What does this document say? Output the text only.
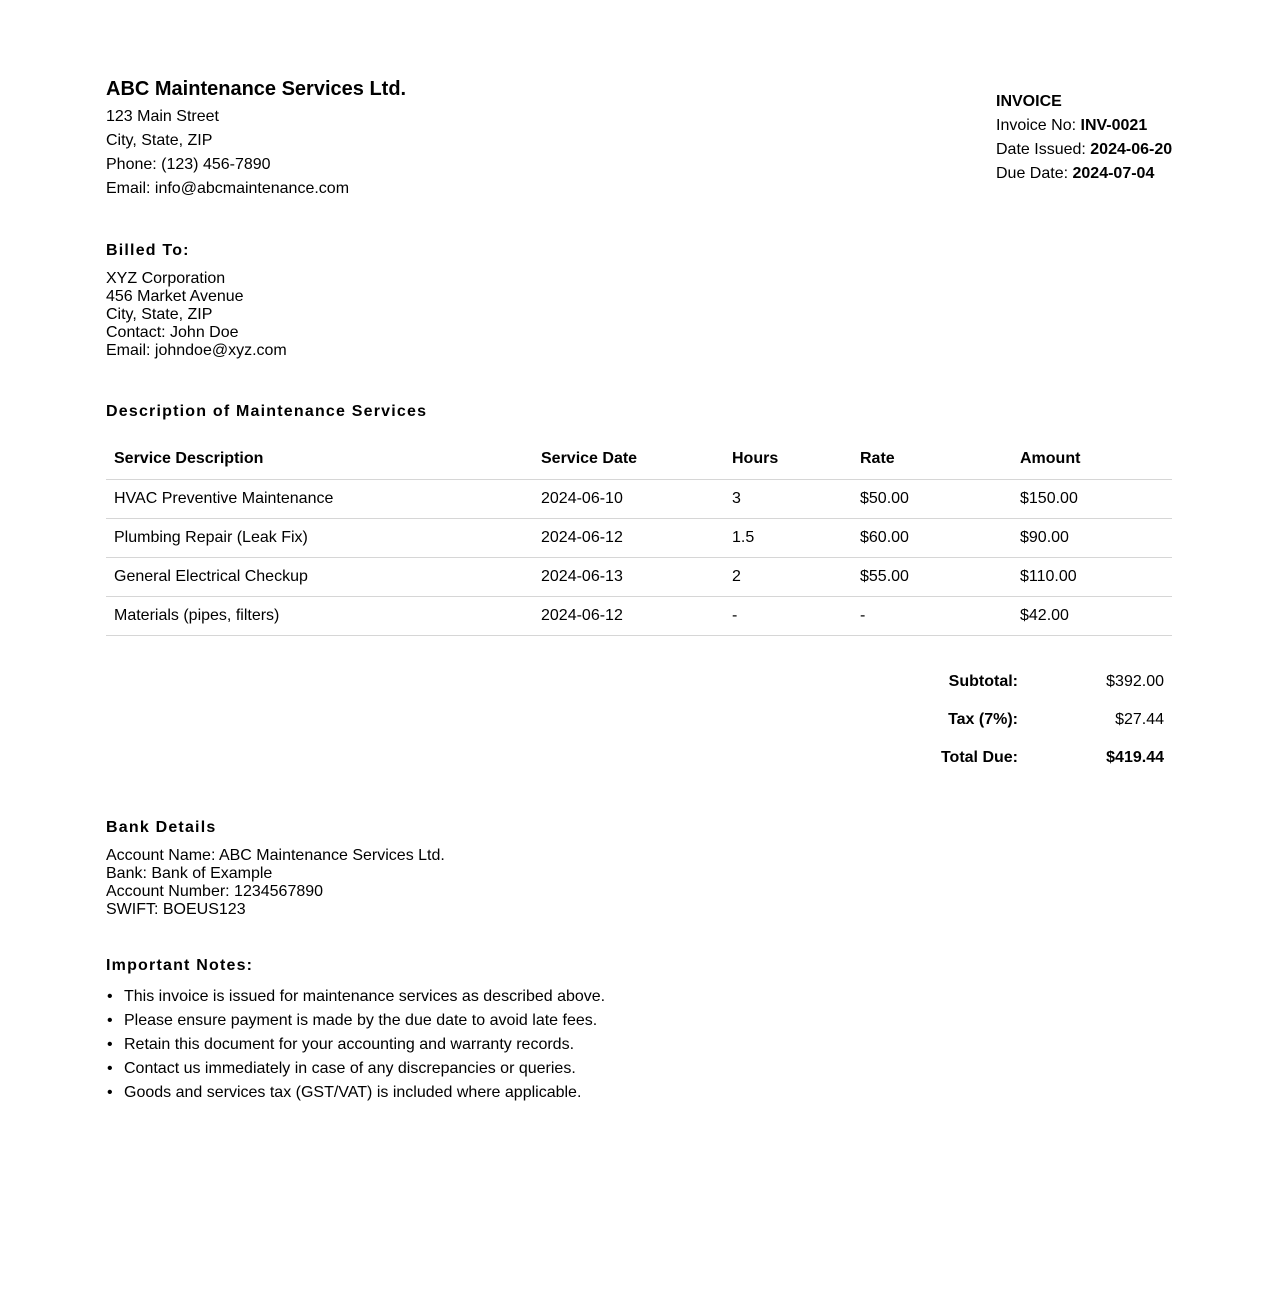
ABC Maintenance Services Ltd.
123 Main Street
City, State, ZIP
Phone: (123) 456-7890
Email: info@abcmaintenance.com
INVOICE
Invoice No: INV-0021
Date Issued: 2024-06-20
Due Date: 2024-07-04
Billed To:
XYZ Corporation
456 Market Avenue
City, State, ZIP
Contact: John Doe
Email: johndoe@xyz.com
Description of Maintenance Services
Service Description	Service Date	Hours	Rate	Amount
HVAC Preventive Maintenance	2024-06-10	3	$50.00	$150.00
Plumbing Repair (Leak Fix)	2024-06-12	1.5	$60.00	$90.00
General Electrical Checkup	2024-06-13	2	$55.00	$110.00
Materials (pipes, filters)	2024-06-12	-	-	$42.00
Subtotal:	$392.00
Tax (7%):	$27.44
Total Due:	$419.44
Bank Details
Account Name: ABC Maintenance Services Ltd.
Bank: Bank of Example
Account Number: 1234567890
SWIFT: BOEUS123
Important Notes:
• This invoice is issued for maintenance services as described above.
• Please ensure payment is made by the due date to avoid late fees.
• Retain this document for your accounting and warranty records.
• Contact us immediately in case of any discrepancies or queries.
• Goods and services tax (GST/VAT) is included where applicable.
